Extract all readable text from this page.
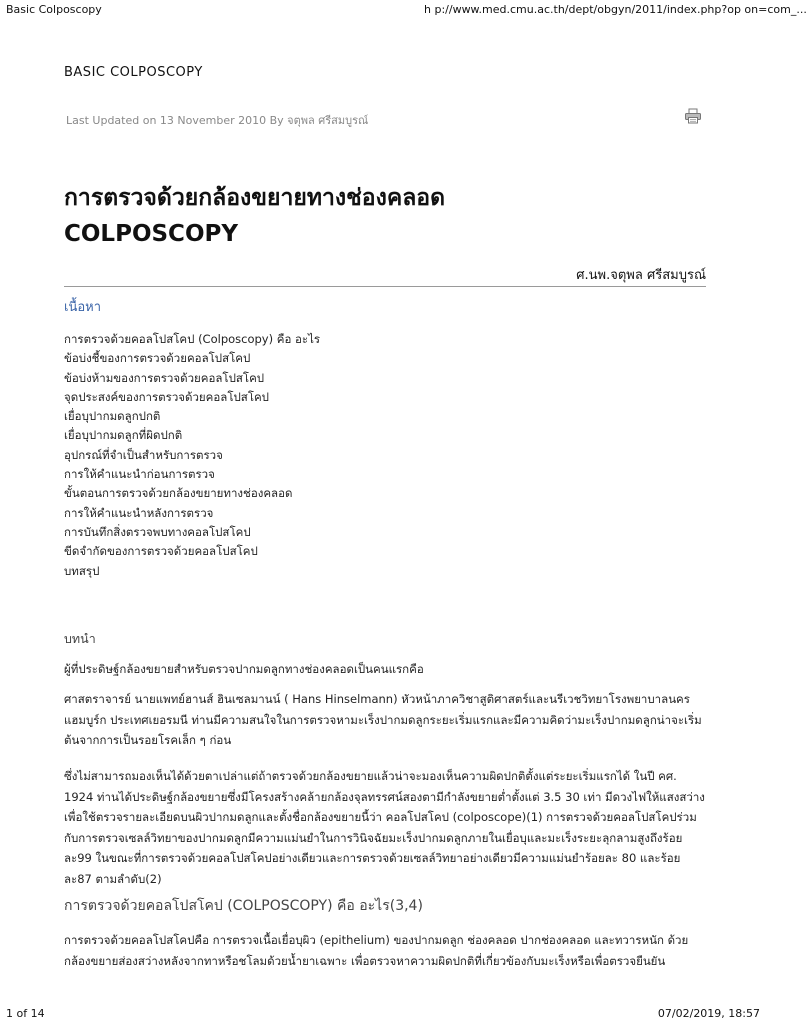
Basic Colposcopy	h p://www.med.cmu.ac.th/dept/obgyn/2011/index.php?op on=com_...
BASIC COLPOSCOPY
Last Updated on 13 November 2010 By จตุพล ศรีสมบูรณ์
การตรวจด้วยกล้องขยายทางช่องคลอด
COLPOSCOPY
ศ.นพ.จตุพล ศรีสมบูรณ์
เนื้อหา
การตรวจด้วยคอลโปสโคป (Colposcopy) คือ อะไร
ข้อบ่งชี้ของการตรวจด้วยคอลโปสโคป
ข้อบ่งห้ามของการตรวจด้วยคอลโปสโคป
จุดประสงค์ของการตรวจด้วยคอลโปสโคป
เยื่อบุปากมดลูกปกติ
เยื่อบุปากมดลูกที่ผิดปกติ
อุปกรณ์ที่จำเป็นสำหรับการตรวจ
การให้คำแนะนำก่อนการตรวจ
ขั้นตอนการตรวจด้วยกล้องขยายทางช่องคลอด
การให้คำแนะนำหลังการตรวจ
การบันทึกสิ่งตรวจพบทางคอลโปสโคป
ขีดจำกัดของการตรวจด้วยคอลโปสโคป
บทสรุป
บทนำ

ผู้ที่ประดิษฐ์กล้องขยายสำหรับตรวจปากมดลูกทางช่องคลอดเป็นคนแรกคือ

ศาสตราจารย์ นายแพทย์ฮานส์ ฮินเซลมานน์ ( Hans Hinselmann) หัวหน้าภาควิชาสูติศาสตร์และนรีเวชวิทยาโรงพยาบาลนครแฮมบูร์ก ประเทศเยอรมนี ท่านมีความสนใจในการตรวจหามะเร็งปากมดลูกระยะเริ่มแรกและมีความคิดว่ามะเร็งปากมดลูกน่าจะเริ่มต้นจากการเป็นรอยโรคเล็ก ๆ ก่อน

ซึ่งไม่สามารถมองเห็นได้ด้วยตาเปล่าแต่ถ้าตรวจด้วยกล้องขยายแล้วน่าจะมองเห็นความผิดปกติตั้งแต่ระยะเริ่มแรกได้ ในปี คศ. 1924 ท่านได้ประดิษฐ์กล้องขยายซึ่งมีโครงสร้างคล้ายกล้องจุลทรรศน์สองตามีกำลังขยายต่ำตั้งแต่ 3.5 30 เท่า มีดวงไฟให้แสงสว่างเพื่อใช้ตรวจรายละเอียดบนผิวปากมดลูกและตั้งชื่อกล้องขยายนี้ว่า คอลโปสโคป (colposcope)(1) การตรวจด้วยคอลโปสโคปร่วมกับการตรวจเซลล์วิทยาของปากมดลูกมีความแม่นยำในการวินิจฉัยมะเร็งปากมดลูกภายในเยื่อบุและมะเร็งระยะลุกลามสูงถึงร้อยละ99 ในขณะที่การตรวจด้วยคอลโปสโคปอย่างเดียวและการตรวจด้วยเซลล์วิทยาอย่างเดียวมีความแม่นยำร้อยละ 80 และร้อยละ87 ตามลำดับ(2)

การตรวจด้วยคอลโปสโคป (COLPOSCOPY) คือ อะไร(3,4)

การตรวจด้วยคอลโปสโคปคือ การตรวจเนื้อเยื่อบุผิว (epithelium) ของปากมดลูก ช่องคลอด ปากช่องคลอด และทวารหนัก ด้วยกล้องขยายส่องสว่างหลังจากทาหรือชโลมด้วยน้ำยาเฉพาะ เพื่อตรวจหาความผิดปกติที่เกี่ยวข้องกับมะเร็งหรือเพื่อตรวจยืนยัน

1 of 14	07/02/2019, 18:57
